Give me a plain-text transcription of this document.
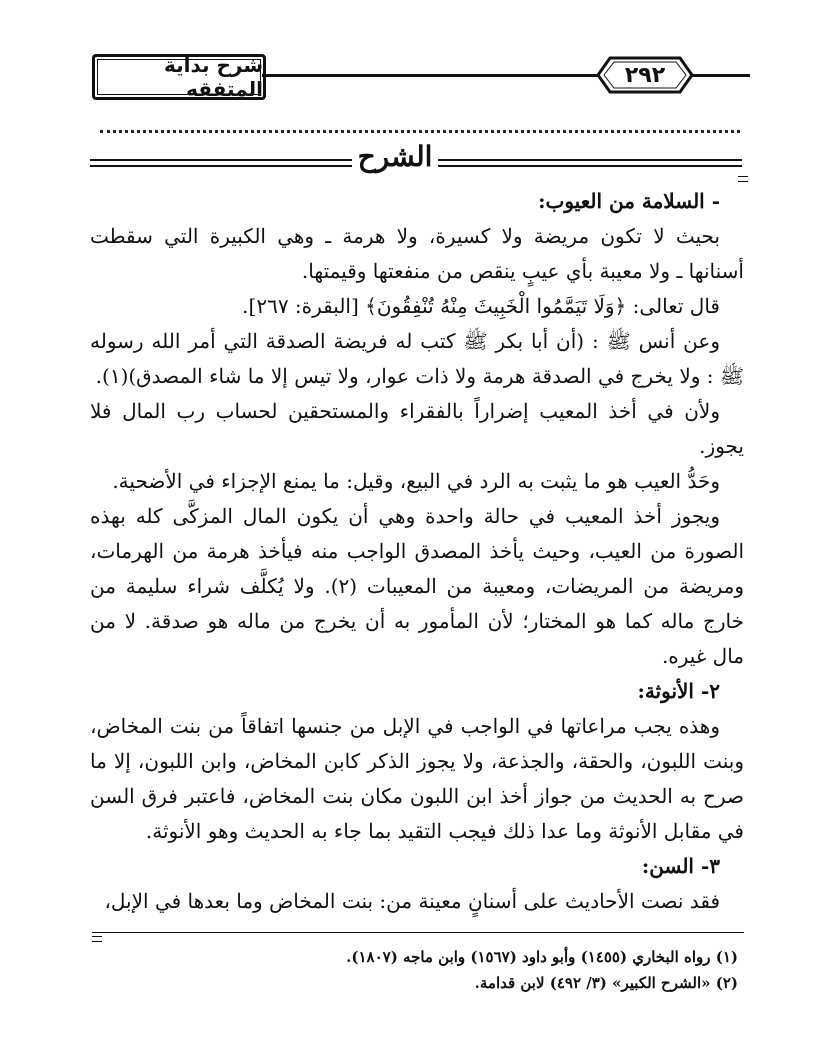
شرح بداية المتفقه
٢٩٢
الشرح

- السلامة من العيوب:

بحيث لا تكون مريضة ولا كسيرة، ولا هرمة ـ وهي الكبيرة التي سقطت أسنانها ـ ولا معيبة بأي عيبٍ ينقص من منفعتها وقيمتها.

قال تعالى: ﴿وَلَا تَيَمَّمُوا الْخَبِيثَ مِنْهُ تُنْفِقُونَ﴾ [البقرة: ٢٦٧].

وعن أنس ﷺ : (أن أبا بكر ﷺ كتب له فريضة الصدقة التي أمر الله رسوله ﷺ : ولا يخرج في الصدقة هرمة ولا ذات عوار، ولا تيس إلا ما شاء المصدق)(١).

ولأن في أخذ المعيب إضراراً بالفقراء والمستحقين لحساب رب المال فلا يجوز.

وحَدُّ العيب هو ما يثبت به الرد في البيع، وقيل: ما يمنع الإجزاء في الأضحية.

ويجوز أخذ المعيب في حالة واحدة وهي أن يكون المال المزكَّى كله بهذه الصورة من العيب، وحيث يأخذ المصدق الواجب منه فيأخذ هرمة من الهرمات، ومريضة من المريضات، ومعيبة من المعيبات (٢). ولا يُكلَّف شراء سليمة من خارج ماله كما هو المختار؛ لأن المأمور به أن يخرج من ماله هو صدقة. لا من مال غيره.

٢- الأنوثة:

وهذه يجب مراعاتها في الواجب في الإبل من جنسها اتفاقاً من بنت المخاض، وبنت اللبون، والحقة، والجذعة، ولا يجوز الذكر كابن المخاض، وابن اللبون، إلا ما صرح به الحديث من جواز أخذ ابن اللبون مكان بنت المخاض، فاعتبر فرق السن في مقابل الأنوثة وما عدا ذلك فيجب التقيد بما جاء به الحديث وهو الأنوثة.

٣- السن:

فقد نصت الأحاديث على أسنانٍ معينة من: بنت المخاض وما بعدها في الإبل،

(١) رواه البخاري (١٤٥٥) وأبو داود (١٥٦٧) وابن ماجه (١٨٠٧).

(٢) «الشرح الكبير» (٣/ ٤٩٢) لابن قدامة.
